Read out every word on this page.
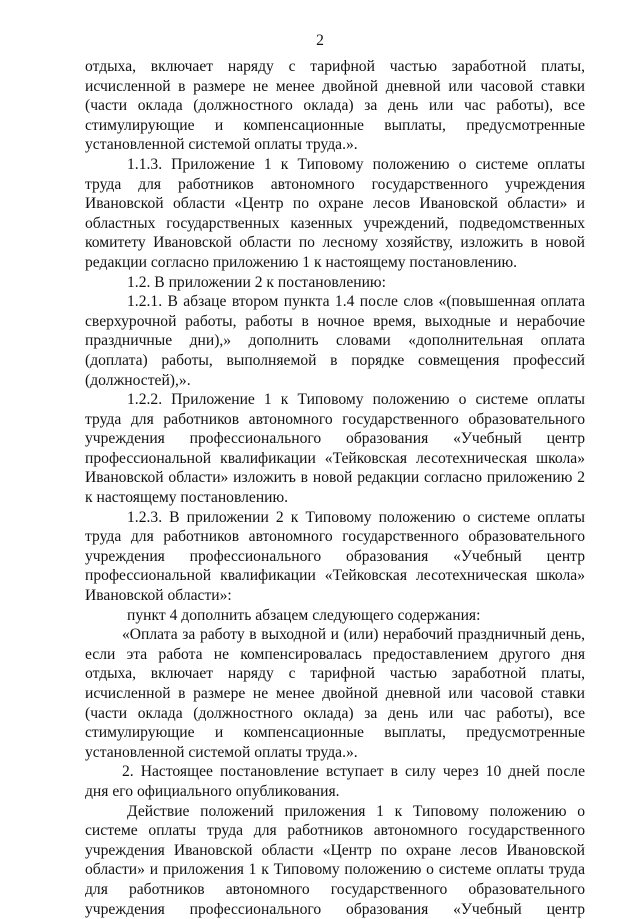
2
отдыха, включает наряду с тарифной частью заработной платы,
исчисленной в размере не менее двойной дневной или часовой ставки
(части оклада (должностного оклада) за день или час работы), все
стимулирующие и компенсационные выплаты, предусмотренные
установленной системой оплаты труда.».
1.1.3. Приложение 1 к Типовому положению о системе оплаты
труда для работников автономного государственного учреждения
Ивановской области «Центр по охране лесов Ивановской области» и
областных государственных казенных учреждений, подведомственных
комитету Ивановской области по лесному хозяйству, изложить в новой
редакции согласно приложению 1 к настоящему постановлению.
1.2. В приложении 2 к постановлению:
1.2.1. В абзаце втором пункта 1.4 после слов «(повышенная оплата
сверхурочной работы, работы в ночное время, выходные и нерабочие
праздничные дни),» дополнить словами «дополнительная оплата
(доплата) работы, выполняемой в порядке совмещения профессий
(должностей),».
1.2.2. Приложение 1 к Типовому положению о системе оплаты
труда для работников автономного государственного образовательного
учреждения профессионального образования «Учебный центр
профессиональной квалификации «Тейковская лесотехническая школа»
Ивановской области» изложить в новой редакции согласно приложению 2
к настоящему постановлению.
1.2.3. В приложении 2 к Типовому положению о системе оплаты
труда для работников автономного государственного образовательного
учреждения профессионального образования «Учебный центр
профессиональной квалификации «Тейковская лесотехническая школа»
Ивановской области»:
пункт 4 дополнить абзацем следующего содержания:
«Оплата за работу в выходной и (или) нерабочий праздничный день,
если эта работа не компенсировалась предоставлением другого дня
отдыха, включает наряду с тарифной частью заработной платы,
исчисленной в размере не менее двойной дневной или часовой ставки
(части оклада (должностного оклада) за день или час работы), все
стимулирующие и компенсационные выплаты, предусмотренные
установленной системой оплаты труда.».
2. Настоящее постановление вступает в силу через 10 дней после
дня его официального опубликования.
Действие положений приложения 1 к Типовому положению о
системе оплаты труда для работников автономного государственного
учреждения Ивановской области «Центр по охране лесов Ивановской
области» и приложения 1 к Типовому положению о системе оплаты труда
для работников автономного государственного образовательного
учреждения профессионального образования «Учебный центр
